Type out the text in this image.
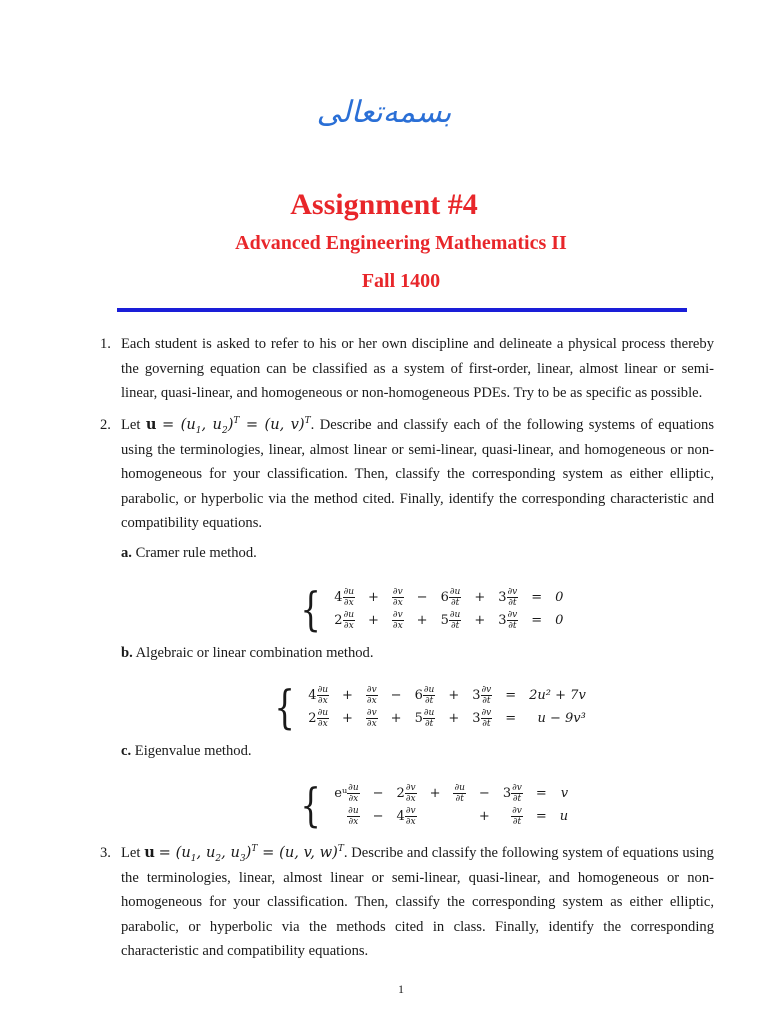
بسمه‌تعالی
Assignment #4
Advanced Engineering Mathematics II
Fall 1400
1. Each student is asked to refer to his or her own discipline and delineate a physical process thereby the governing equation can be classified as a system of first-order, linear, almost linear or semi-linear, quasi-linear, and homogeneous or non-homogeneous PDEs. Try to be as specific as possible.
2. Let $u = (u_1$, $u_2)^T = (u$, v)$^T$. Describe and classify each of the following systems of equations using the terminologies, linear, almost linear or semi-linear, quasi-linear, and homogeneous or non-homogeneous for your classification. Then, classify the corresponding system as either elliptic, parabolic, or hyperbolic via the method cited. Finally, identify the corresponding characteristic and compatibility equations.
a. Cramer rule method.
{ $4 \frac{\partial u}{\partial x}$	+	$\frac{\partial v}{\partial x}$	−	$6 \frac{\partial u}{\partial t}$	+	$3 \frac{\partial v}{\partial t}$	=	0
$2 \frac{\partial u}{\partial x}$	+	$\frac{\partial v}{\partial x}$	+	$5 \frac{\partial u}{\partial t}$	+	$3 \frac{\partial v}{\partial t}$	=	0
b. Algebraic or linear combination method.
{ $4 \frac{\partial u}{\partial x}$	+	$\frac{\partial v}{\partial x}$	−	$6 \frac{\partial u}{\partial t}$	+	$3 \frac{\partial v}{\partial t}$	=	2u² + 7v
$2 \frac{\partial u}{\partial x}$	+	$\frac{\partial v}{\partial x}$	+	$5 \frac{\partial u}{\partial t}$	+	$3 \frac{\partial v}{\partial t}$	=	u − 9v³
c. Eigenvalue method.
{ eᵘ $\frac{\partial u}{\partial x}$	−	$2 \frac{\partial v}{\partial x}$	+	$\frac{\partial u}{\partial t}$	−	$3 \frac{\partial v}{\partial t}$	=	v

$\frac{\partial u}{\partial x}$	−	$4 \frac{\partial v}{\partial x}$			+	$\frac{\partial v}{\partial t}$	=	u
3. Let $u = (u_1$, $u_2$, $u_3)^T = (u$, v, w)$^T$. Describe and classify the following system of equations using the terminologies, linear, almost linear or semi-linear, quasi-linear, and homogeneous or non-homogeneous for your classification. Then, classify the corresponding system as either elliptic, parabolic, or hyperbolic via the methods cited in class. Finally, identify the corresponding characteristic and compatibility equations.
1
